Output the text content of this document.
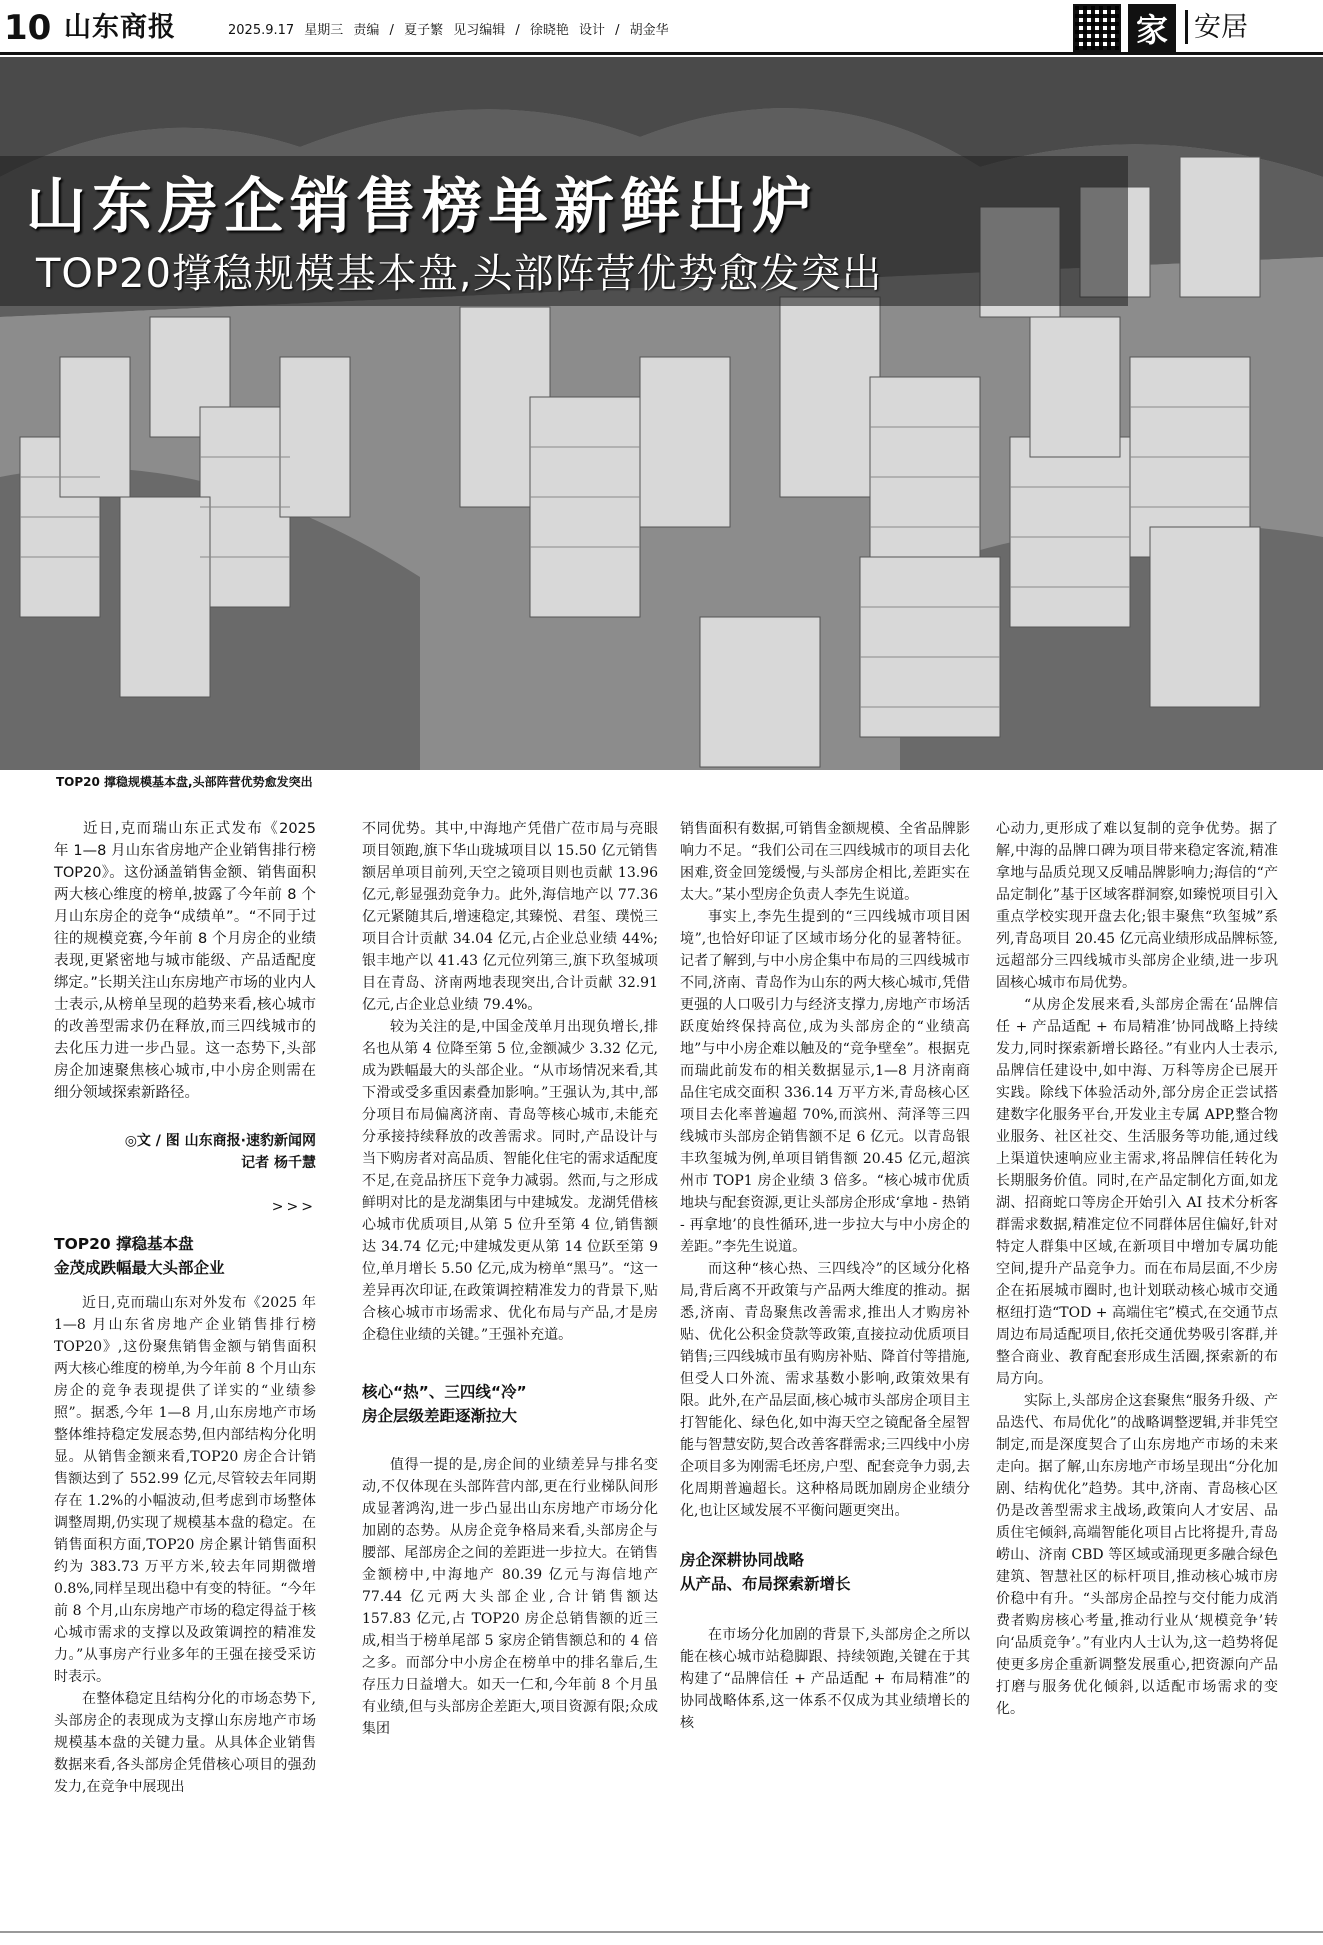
10 山东商报	2025.9.17 星期三 责编 / 夏子繁 见习编辑 / 徐晓艳 设计 / 胡金华	家 安居
山东房企销售榜单新鲜出炉
TOP20撑稳规模基本盘,头部阵营优势愈发突出
TOP20 撑稳规模基本盘,头部阵营优势愈发突出

近日,克而瑞山东正式发布《2025 年 1—8 月山东省房地产企业销售排行榜 TOP20》。这份涵盖销售金额、销售面积两大核心维度的榜单,披露了今年前 8 个月山东房企的竞争“成绩单”。“不同于过往的规模竞赛,今年前 8 个月房企的业绩表现,更紧密地与城市能级、产品适配度绑定。”长期关注山东房地产市场的业内人士表示,从榜单呈现的趋势来看,核心城市的改善型需求仍在释放,而三四线城市的去化压力进一步凸显。这一态势下,头部房企加速聚焦核心城市,中小房企则需在细分领域探索新路径。

◎文 / 图 山东商报·速豹新闻网
记者 杨千慧
>>>
TOP20 撑稳基本盘
金茂成跌幅最大头部企业

近日,克而瑞山东对外发布《2025 年 1—8 月山东省房地产企业销售排行榜 TOP20》,这份聚焦销售金额与销售面积两大核心维度的榜单,为今年前 8 个月山东房企的竞争表现提供了详实的“业绩参照”。据悉,今年 1—8 月,山东房地产市场整体维持稳定发展态势,但内部结构分化明显。从销售金额来看,TOP20 房企合计销售额达到了 552.99 亿元,尽管较去年同期存在 1.2%的小幅波动,但考虑到市场整体调整周期,仍实现了规模基本盘的稳定。在销售面积方面,TOP20 房企累计销售面积约为 383.73 万平方米,较去年同期微增 0.8%,同样呈现出稳中有变的特征。“今年前 8 个月,山东房地产市场的稳定得益于核心城市需求的支撑以及政策调控的精准发力。”从事房产行业多年的王强在接受采访时表示。

在整体稳定且结构分化的市场态势下,头部房企的表现成为支撑山东房地产市场规模基本盘的关键力量。从具体企业销售数据来看,各头部房企凭借核心项目的强劲发力,在竞争中展现出

不同优势。其中,中海地产凭借广莅市局与亮眼项目领跑,旗下华山珑城项目以 15.50 亿元销售额居单项目前列,天空之镜项目则也贡献 13.96 亿元,彰显强劲竞争力。此外,海信地产以 77.36 亿元紧随其后,增速稳定,其臻悦、君玺、璞悦三项目合计贡献 34.04 亿元,占企业总业绩 44%;银丰地产以 41.43 亿元位列第三,旗下玖玺城项目在青岛、济南两地表现突出,合计贡献 32.91 亿元,占企业总业绩 79.4%。

较为关注的是,中国金茂单月出现负增长,排名也从第 4 位降至第 5 位,金额减少 3.32 亿元,成为跌幅最大的头部企业。“从市场情况来看,其下滑或受多重因素叠加影响。”王强认为,其中,部分项目布局偏离济南、青岛等核心城市,未能充分承接持续释放的改善需求。同时,产品设计与当下购房者对高品质、智能化住宅的需求适配度不足,在竞品挤压下竞争力减弱。然而,与之形成鲜明对比的是龙湖集团与中建城发。龙湖凭借核心城市优质项目,从第 5 位升至第 4 位,销售额达 34.74 亿元;中建城发更从第 14 位跃至第 9 位,单月增长 5.50 亿元,成为榜单“黑马”。“这一差异再次印证,在政策调控精准发力的背景下,贴合核心城市市场需求、优化布局与产品,才是房企稳住业绩的关键。”王强补充道。

核心“热”、三四线“冷”
房企层级差距逐渐拉大

值得一提的是,房企间的业绩差异与排名变动,不仅体现在头部阵营内部,更在行业梯队间形成显著鸿沟,进一步凸显出山东房地产市场分化加剧的态势。从房企竞争格局来看,头部房企与腰部、尾部房企之间的差距进一步拉大。在销售金额榜中,中海地产 80.39 亿元与海信地产 77.44 亿元两大头部企业,合计销售额达 157.83 亿元,占 TOP20 房企总销售额的近三成,相当于榜单尾部 5 家房企销售额总和的 4 倍之多。而部分中小房企在榜单中的排名靠后,生存压力日益增大。如天一仁和,今年前 8 个月虽有业绩,但与头部房企差距大,项目资源有限;众成集团

销售面积有数据,可销售金额规模、全省品牌影响力不足。“我们公司在三四线城市的项目去化困难,资金回笼缓慢,与头部房企相比,差距实在太大。”某小型房企负责人李先生说道。

事实上,李先生提到的“三四线城市项目困境”,也恰好印证了区域市场分化的显著特征。记者了解到,与中小房企集中布局的三四线城市不同,济南、青岛作为山东的两大核心城市,凭借更强的人口吸引力与经济支撑力,房地产市场活跃度始终保持高位,成为头部房企的“业绩高地”与中小房企难以触及的“竞争壁垒”。根据克而瑞此前发布的相关数据显示,1—8 月济南商品住宅成交面积 336.14 万平方米,青岛核心区项目去化率普遍超 70%,而滨州、菏泽等三四线城市头部房企销售额不足 6 亿元。以青岛银丰玖玺城为例,单项目销售额 20.45 亿元,超滨州市 TOP1 房企业绩 3 倍多。“核心城市优质地块与配套资源,更让头部房企形成‘拿地 - 热销 - 再拿地’的良性循环,进一步拉大与中小房企的差距。”李先生说道。

而这种“核心热、三四线冷”的区域分化格局,背后离不开政策与产品两大维度的推动。据悉,济南、青岛聚焦改善需求,推出人才购房补贴、优化公积金贷款等政策,直接拉动优质项目销售;三四线城市虽有购房补贴、降首付等措施,但受人口外流、需求基数小影响,政策效果有限。此外,在产品层面,核心城市头部房企项目主打智能化、绿色化,如中海天空之镜配备全屋智能与智慧安防,契合改善客群需求;三四线中小房企项目多为刚需毛坯房,户型、配套竞争力弱,去化周期普遍超长。这种格局既加剧房企业绩分化,也让区域发展不平衡问题更突出。

房企深耕协同战略
从产品、布局探索新增长

在市场分化加剧的背景下,头部房企之所以能在核心城市站稳脚跟、持续领跑,关键在于其构建了“品牌信任 + 产品适配 + 布局精准”的协同战略体系,这一体系不仅成为其业绩增长的核

心动力,更形成了难以复制的竞争优势。据了解,中海的品牌口碑为项目带来稳定客流,精准拿地与品质兑现又反哺品牌影响力;海信的“产品定制化”基于区域客群洞察,如臻悦项目引入重点学校实现开盘去化;银丰聚焦“玖玺城”系列,青岛项目 20.45 亿元高业绩形成品牌标签,远超部分三四线城市头部房企业绩,进一步巩固核心城市布局优势。

“从房企发展来看,头部房企需在‘品牌信任 + 产品适配 + 布局精准’协同战略上持续发力,同时探索新增长路径。”有业内人士表示,品牌信任建设中,如中海、万科等房企已展开实践。除线下体验活动外,部分房企正尝试搭建数字化服务平台,开发业主专属 APP,整合物业服务、社区社交、生活服务等功能,通过线上渠道快速响应业主需求,将品牌信任转化为长期服务价值。同时,在产品定制化方面,如龙湖、招商蛇口等房企开始引入 AI 技术分析客群需求数据,精准定位不同群体居住偏好,针对特定人群集中区域,在新项目中增加专属功能空间,提升产品竞争力。而在布局层面,不少房企在拓展城市圈时,也计划联动核心城市交通枢纽打造“TOD + 高端住宅”模式,在交通节点周边布局适配项目,依托交通优势吸引客群,并整合商业、教育配套形成生活圈,探索新的布局方向。

实际上,头部房企这套聚焦“服务升级、产品迭代、布局优化”的战略调整逻辑,并非凭空制定,而是深度契合了山东房地产市场的未来走向。据了解,山东房地产市场呈现出“分化加剧、结构优化”趋势。其中,济南、青岛核心区仍是改善型需求主战场,政策向人才安居、品质住宅倾斜,高端智能化项目占比将提升,青岛崂山、济南 CBD 等区域或涌现更多融合绿色建筑、智慧社区的标杆项目,推动核心城市房价稳中有升。“头部房企品控与交付能力成消费者购房核心考量,推动行业从‘规模竞争’转向‘品质竞争’。”有业内人士认为,这一趋势将促使更多房企重新调整发展重心,把资源向产品打磨与服务优化倾斜,以适配市场需求的变化。
